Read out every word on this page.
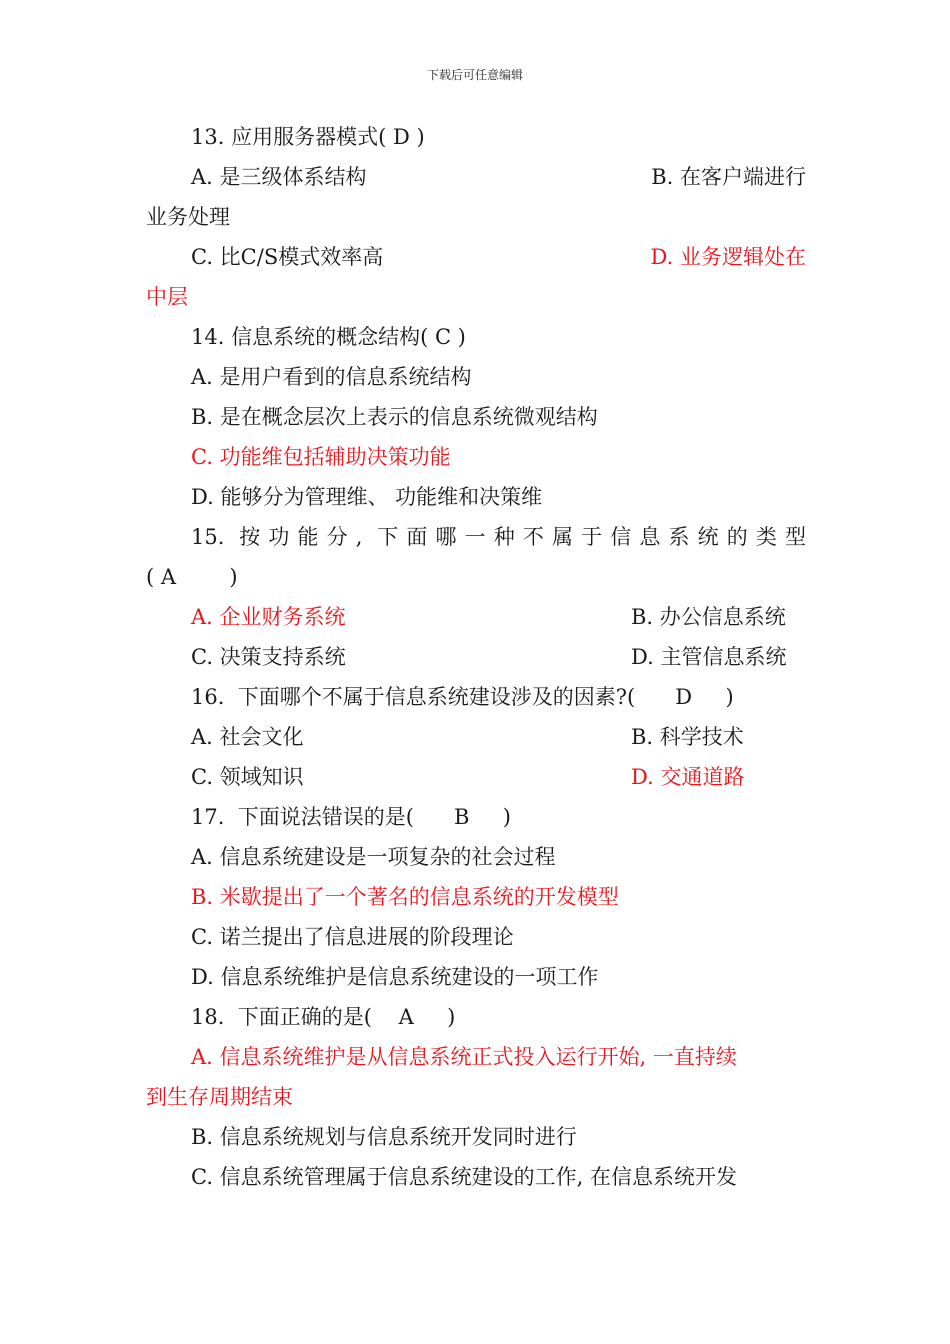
下载后可任意编辑
13. 应用服务器模式( D )
A. 是三级体系结构	B. 在客户端进行
业务处理
C. 比C/S模式效率高	D. 业务逻辑处在
中层
14. 信息系统的概念结构( C )
A. 是用户看到的信息系统结构
B. 是在概念层次上表示的信息系统微观结构
C. 功能维包括辅助决策功能
D. 能够分为管理维、 功能维和决策维
15. 按功能分, 下面哪一种不属于信息系统的类型
( A        )
A. 企业财务系统	B. 办公信息系统
C. 决策支持系统	D. 主管信息系统
16.  下面哪个不属于信息系统建设涉及的因素?(      D     )
A. 社会文化	B. 科学技术
C. 领域知识	D. 交通道路
17.  下面说法错误的是(      B     )
A. 信息系统建设是一项复杂的社会过程
B. 米歇提出了一个著名的信息系统的开发模型
C. 诺兰提出了信息进展的阶段理论
D. 信息系统维护是信息系统建设的一项工作
18.  下面正确的是(    A     )
A. 信息系统维护是从信息系统正式投入运行开始, 一直持续
到生存周期结束
B. 信息系统规划与信息系统开发同时进行
C. 信息系统管理属于信息系统建设的工作, 在信息系统开发
